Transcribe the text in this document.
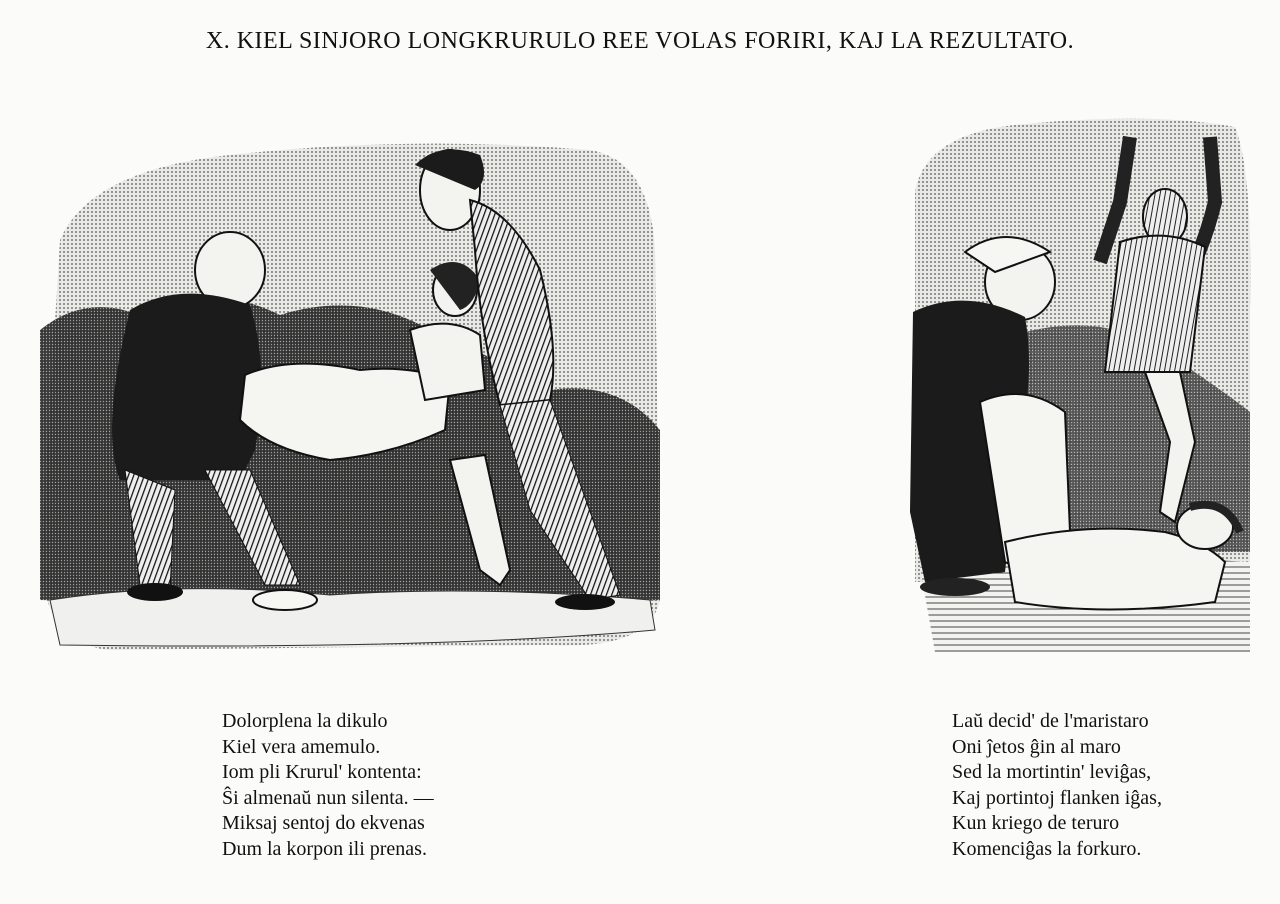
X. KIEL SINJORO LONGKRURULO REE VOLAS FORIRI, KAJ LA REZULTATO.
Dolorplena la dikulo
Kiel vera amemulo.
Iom pli Krurul' kontenta:
Ŝi almenaŭ nun silenta. —
Miksaj sentoj do ekvenas
Dum la korpon ili prenas.
Laŭ decid' de l'maristaro
Oni ĵetos ĝin al maro
Sed la mortintin' leviĝas,
Kaj portintoj flanken iĝas,
Kun kriego de teruro
Komenciĝas la forkuro.
